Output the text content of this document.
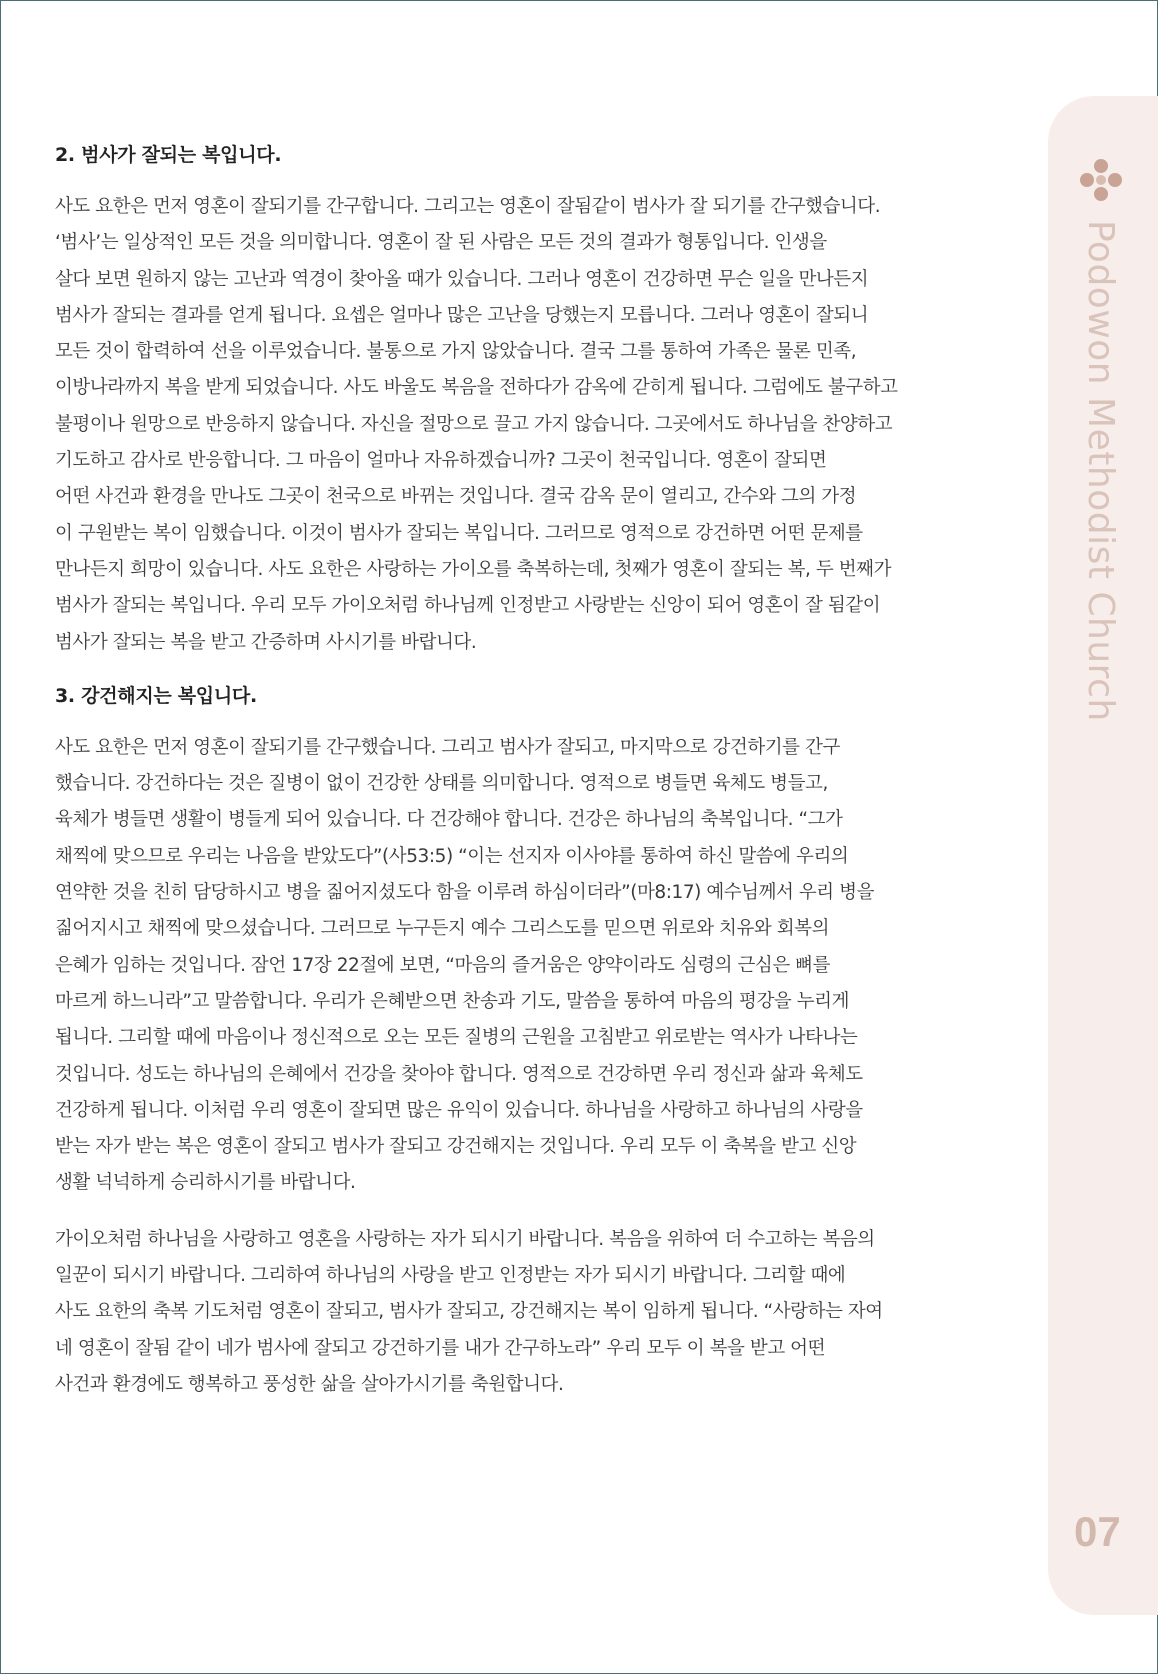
2. 범사가 잘되는 복입니다.
사도 요한은 먼저 영혼이 잘되기를 간구합니다. 그리고는 영혼이 잘됨같이 범사가 잘 되기를 간구했습니다.
‘범사’는 일상적인 모든 것을 의미합니다. 영혼이 잘 된 사람은 모든 것의 결과가 형통입니다. 인생을
살다 보면 원하지 않는 고난과 역경이 찾아올 때가 있습니다. 그러나 영혼이 건강하면 무슨 일을 만나든지
범사가 잘되는 결과를 얻게 됩니다. 요셉은 얼마나 많은 고난을 당했는지 모릅니다. 그러나 영혼이 잘되니
모든 것이 합력하여 선을 이루었습니다. 불통으로 가지 않았습니다. 결국 그를 통하여 가족은 물론 민족,
이방나라까지 복을 받게 되었습니다. 사도 바울도 복음을 전하다가 감옥에 갇히게 됩니다. 그럼에도 불구하고
불평이나 원망으로 반응하지 않습니다. 자신을 절망으로 끌고 가지 않습니다. 그곳에서도 하나님을 찬양하고
기도하고 감사로 반응합니다. 그 마음이 얼마나 자유하겠습니까? 그곳이 천국입니다. 영혼이 잘되면
어떤 사건과 환경을 만나도 그곳이 천국으로 바뀌는 것입니다. 결국 감옥 문이 열리고, 간수와 그의 가정
이 구원받는 복이 임했습니다. 이것이 범사가 잘되는 복입니다. 그러므로 영적으로 강건하면 어떤 문제를
만나든지 희망이 있습니다. 사도 요한은 사랑하는 가이오를 축복하는데, 첫째가 영혼이 잘되는 복, 두 번째가
범사가 잘되는 복입니다. 우리 모두 가이오처럼 하나님께 인정받고 사랑받는 신앙이 되어 영혼이 잘 됨같이
범사가 잘되는 복을 받고 간증하며 사시기를 바랍니다.
3. 강건해지는 복입니다.
사도 요한은 먼저 영혼이 잘되기를 간구했습니다. 그리고 범사가 잘되고, 마지막으로 강건하기를 간구
했습니다. 강건하다는 것은 질병이 없이 건강한 상태를 의미합니다. 영적으로 병들면 육체도 병들고,
육체가 병들면 생활이 병들게 되어 있습니다. 다 건강해야 합니다. 건강은 하나님의 축복입니다. “그가
채찍에 맞으므로 우리는 나음을 받았도다”(사53:5) “이는 선지자 이사야를 통하여 하신 말씀에 우리의
연약한 것을 친히 담당하시고 병을 짊어지셨도다 함을 이루려 하심이더라”(마8:17) 예수님께서 우리 병을
짊어지시고 채찍에 맞으셨습니다. 그러므로 누구든지 예수 그리스도를 믿으면 위로와 치유와 회복의
은혜가 임하는 것입니다. 잠언 17장 22절에 보면, “마음의 즐거움은 양약이라도 심령의 근심은 뼈를
마르게 하느니라”고 말씀합니다. 우리가 은혜받으면 찬송과 기도, 말씀을 통하여 마음의 평강을 누리게
됩니다. 그리할 때에 마음이나 정신적으로 오는 모든 질병의 근원을 고침받고 위로받는 역사가 나타나는
것입니다. 성도는 하나님의 은혜에서 건강을 찾아야 합니다. 영적으로 건강하면 우리 정신과 삶과 육체도
건강하게 됩니다. 이처럼 우리 영혼이 잘되면 많은 유익이 있습니다. 하나님을 사랑하고 하나님의 사랑을
받는 자가 받는 복은 영혼이 잘되고 범사가 잘되고 강건해지는 것입니다. 우리 모두 이 축복을 받고 신앙
생활 넉넉하게 승리하시기를 바랍니다.
가이오처럼 하나님을 사랑하고 영혼을 사랑하는 자가 되시기 바랍니다. 복음을 위하여 더 수고하는 복음의
일꾼이 되시기 바랍니다. 그리하여 하나님의 사랑을 받고 인정받는 자가 되시기 바랍니다. 그리할 때에
사도 요한의 축복 기도처럼 영혼이 잘되고, 범사가 잘되고, 강건해지는 복이 임하게 됩니다. “사랑하는 자여
네 영혼이 잘됨 같이 네가 범사에 잘되고 강건하기를 내가 간구하노라” 우리 모두 이 복을 받고 어떤
사건과 환경에도 행복하고 풍성한 삶을 살아가시기를 축원합니다.
Podowon Methodist Church
07
